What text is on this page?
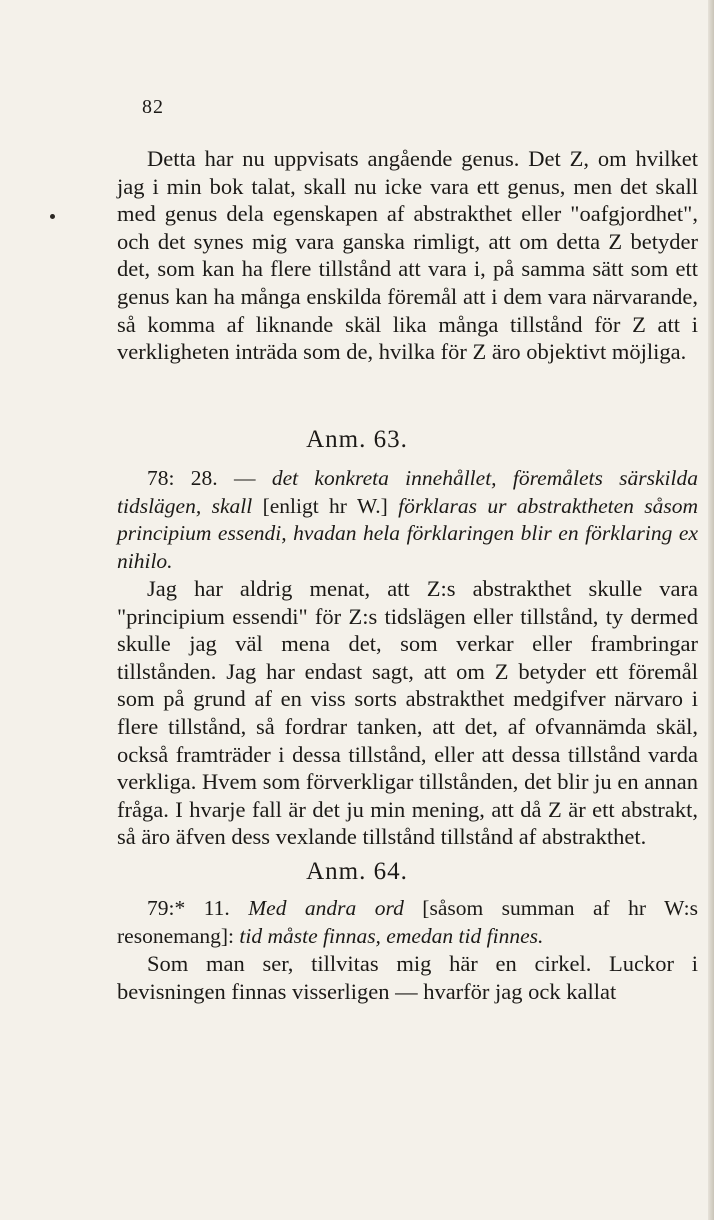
82

Detta har nu uppvisats angående genus. Det Z, om hvilket jag i min bok talat, skall nu icke vara ett genus, men det skall med genus dela egenskapen af abstrakthet eller "oafgjordhet", och det synes mig vara ganska rimligt, att om detta Z betyder det, som kan ha flere tillstånd att vara i, på samma sätt som ett genus kan ha många enskilda föremål att i dem vara närvarande, så komma af liknande skäl lika många tillstånd för Z att i verkligheten inträda som de, hvilka för Z äro objektivt möjliga.

Anm. 63.

78: 28. — det konkreta innehållet, föremålets särskilda tidslägen, skall [enligt hr W.] förklaras ur abstraktheten såsom principium essendi, hvadan hela förklaringen blir en förklaring ex nihilo.

Jag har aldrig menat, att Z:s abstrakthet skulle vara "principium essendi" för Z:s tidslägen eller tillstånd, ty dermed skulle jag väl mena det, som verkar eller frambringar tillstånden. Jag har endast sagt, att om Z betyder ett föremål som på grund af en viss sorts abstrakthet medgifver närvaro i flere tillstånd, så fordrar tanken, att det, af ofvannämda skäl, också framträder i dessa tillstånd, eller att dessa tillstånd varda verkliga. Hvem som förverkligar tillstånden, det blir ju en annan fråga. I hvarje fall är det ju min mening, att då Z är ett abstrakt, så äro äfven dess vexlande tillstånd tillstånd af abstrakthet.

Anm. 64.

79:* 11. Med andra ord [såsom summan af hr W:s resonemang]: tid måste finnas, emedan tid finnes.

Som man ser, tillvitas mig här en cirkel. Luckor i bevisningen finnas visserligen — hvarför jag ock kallat
